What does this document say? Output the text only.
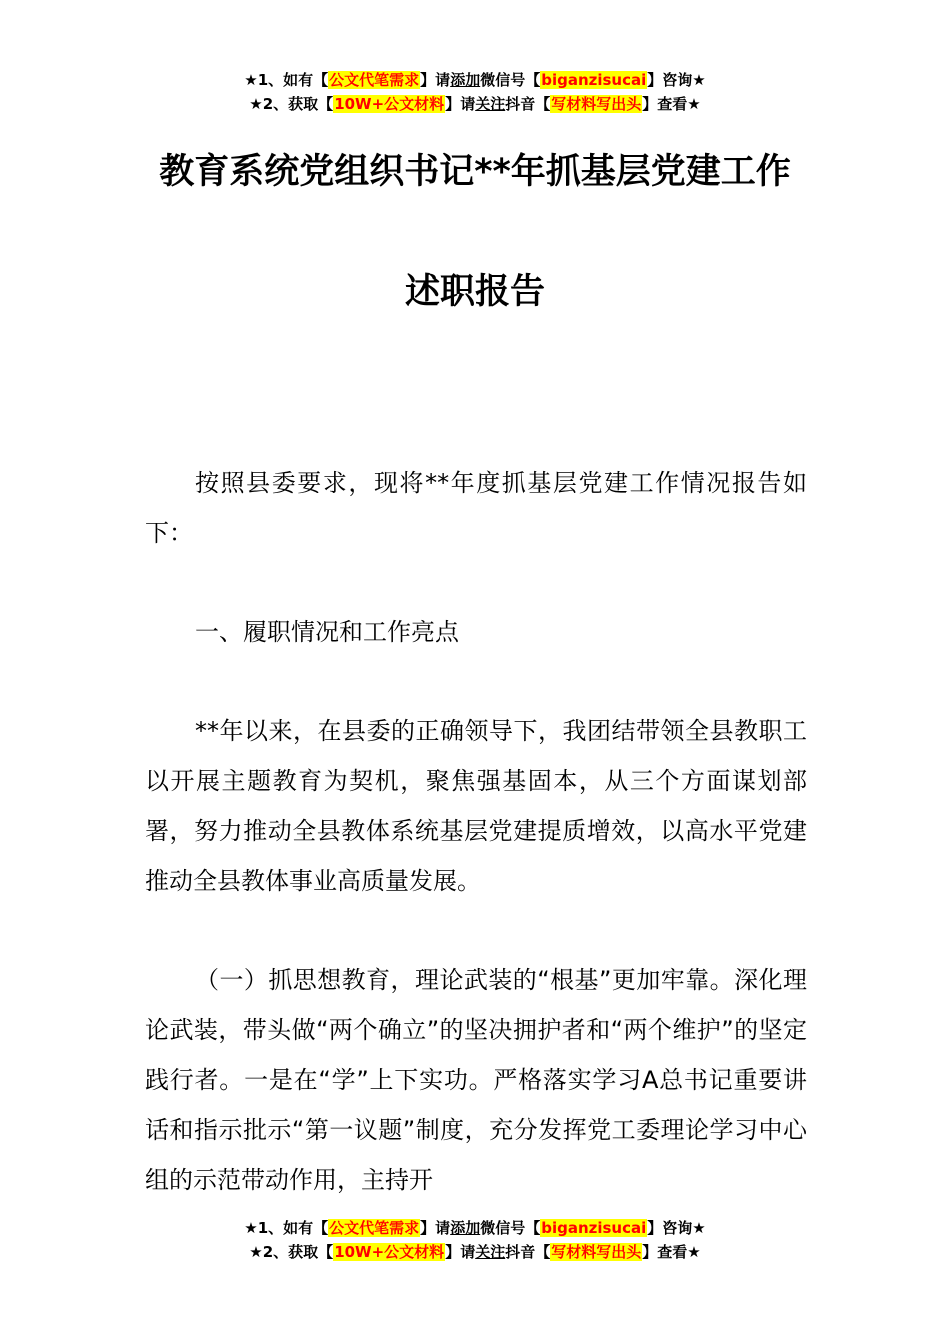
★1、如有【公文代笔需求】请添加微信号【biganzisucai】咨询★
★2、获取【10W+公文材料】请关注抖音【写材料写出头】查看★
教育系统党组织书记**年抓基层党建工作
述职报告
按照县委要求，现将**年度抓基层党建工作情况报告如下：
一、履职情况和工作亮点
**年以来，在县委的正确领导下，我团结带领全县教职工以开展主题教育为契机，聚焦强基固本，从三个方面谋划部署，努力推动全县教体系统基层党建提质增效，以高水平党建推动全县教体事业高质量发展。
（一）抓思想教育，理论武装的“根基”更加牢靠。深化理论武装，带头做“两个确立”的坚决拥护者和“两个维护”的坚定践行者。一是在“学”上下实功。严格落实学习A总书记重要讲话和指示批示“第一议题”制度，充分发挥党工委理论学习中心组的示范带动作用，主持开
★1、如有【公文代笔需求】请添加微信号【biganzisucai】咨询★
★2、获取【10W+公文材料】请关注抖音【写材料写出头】查看★
